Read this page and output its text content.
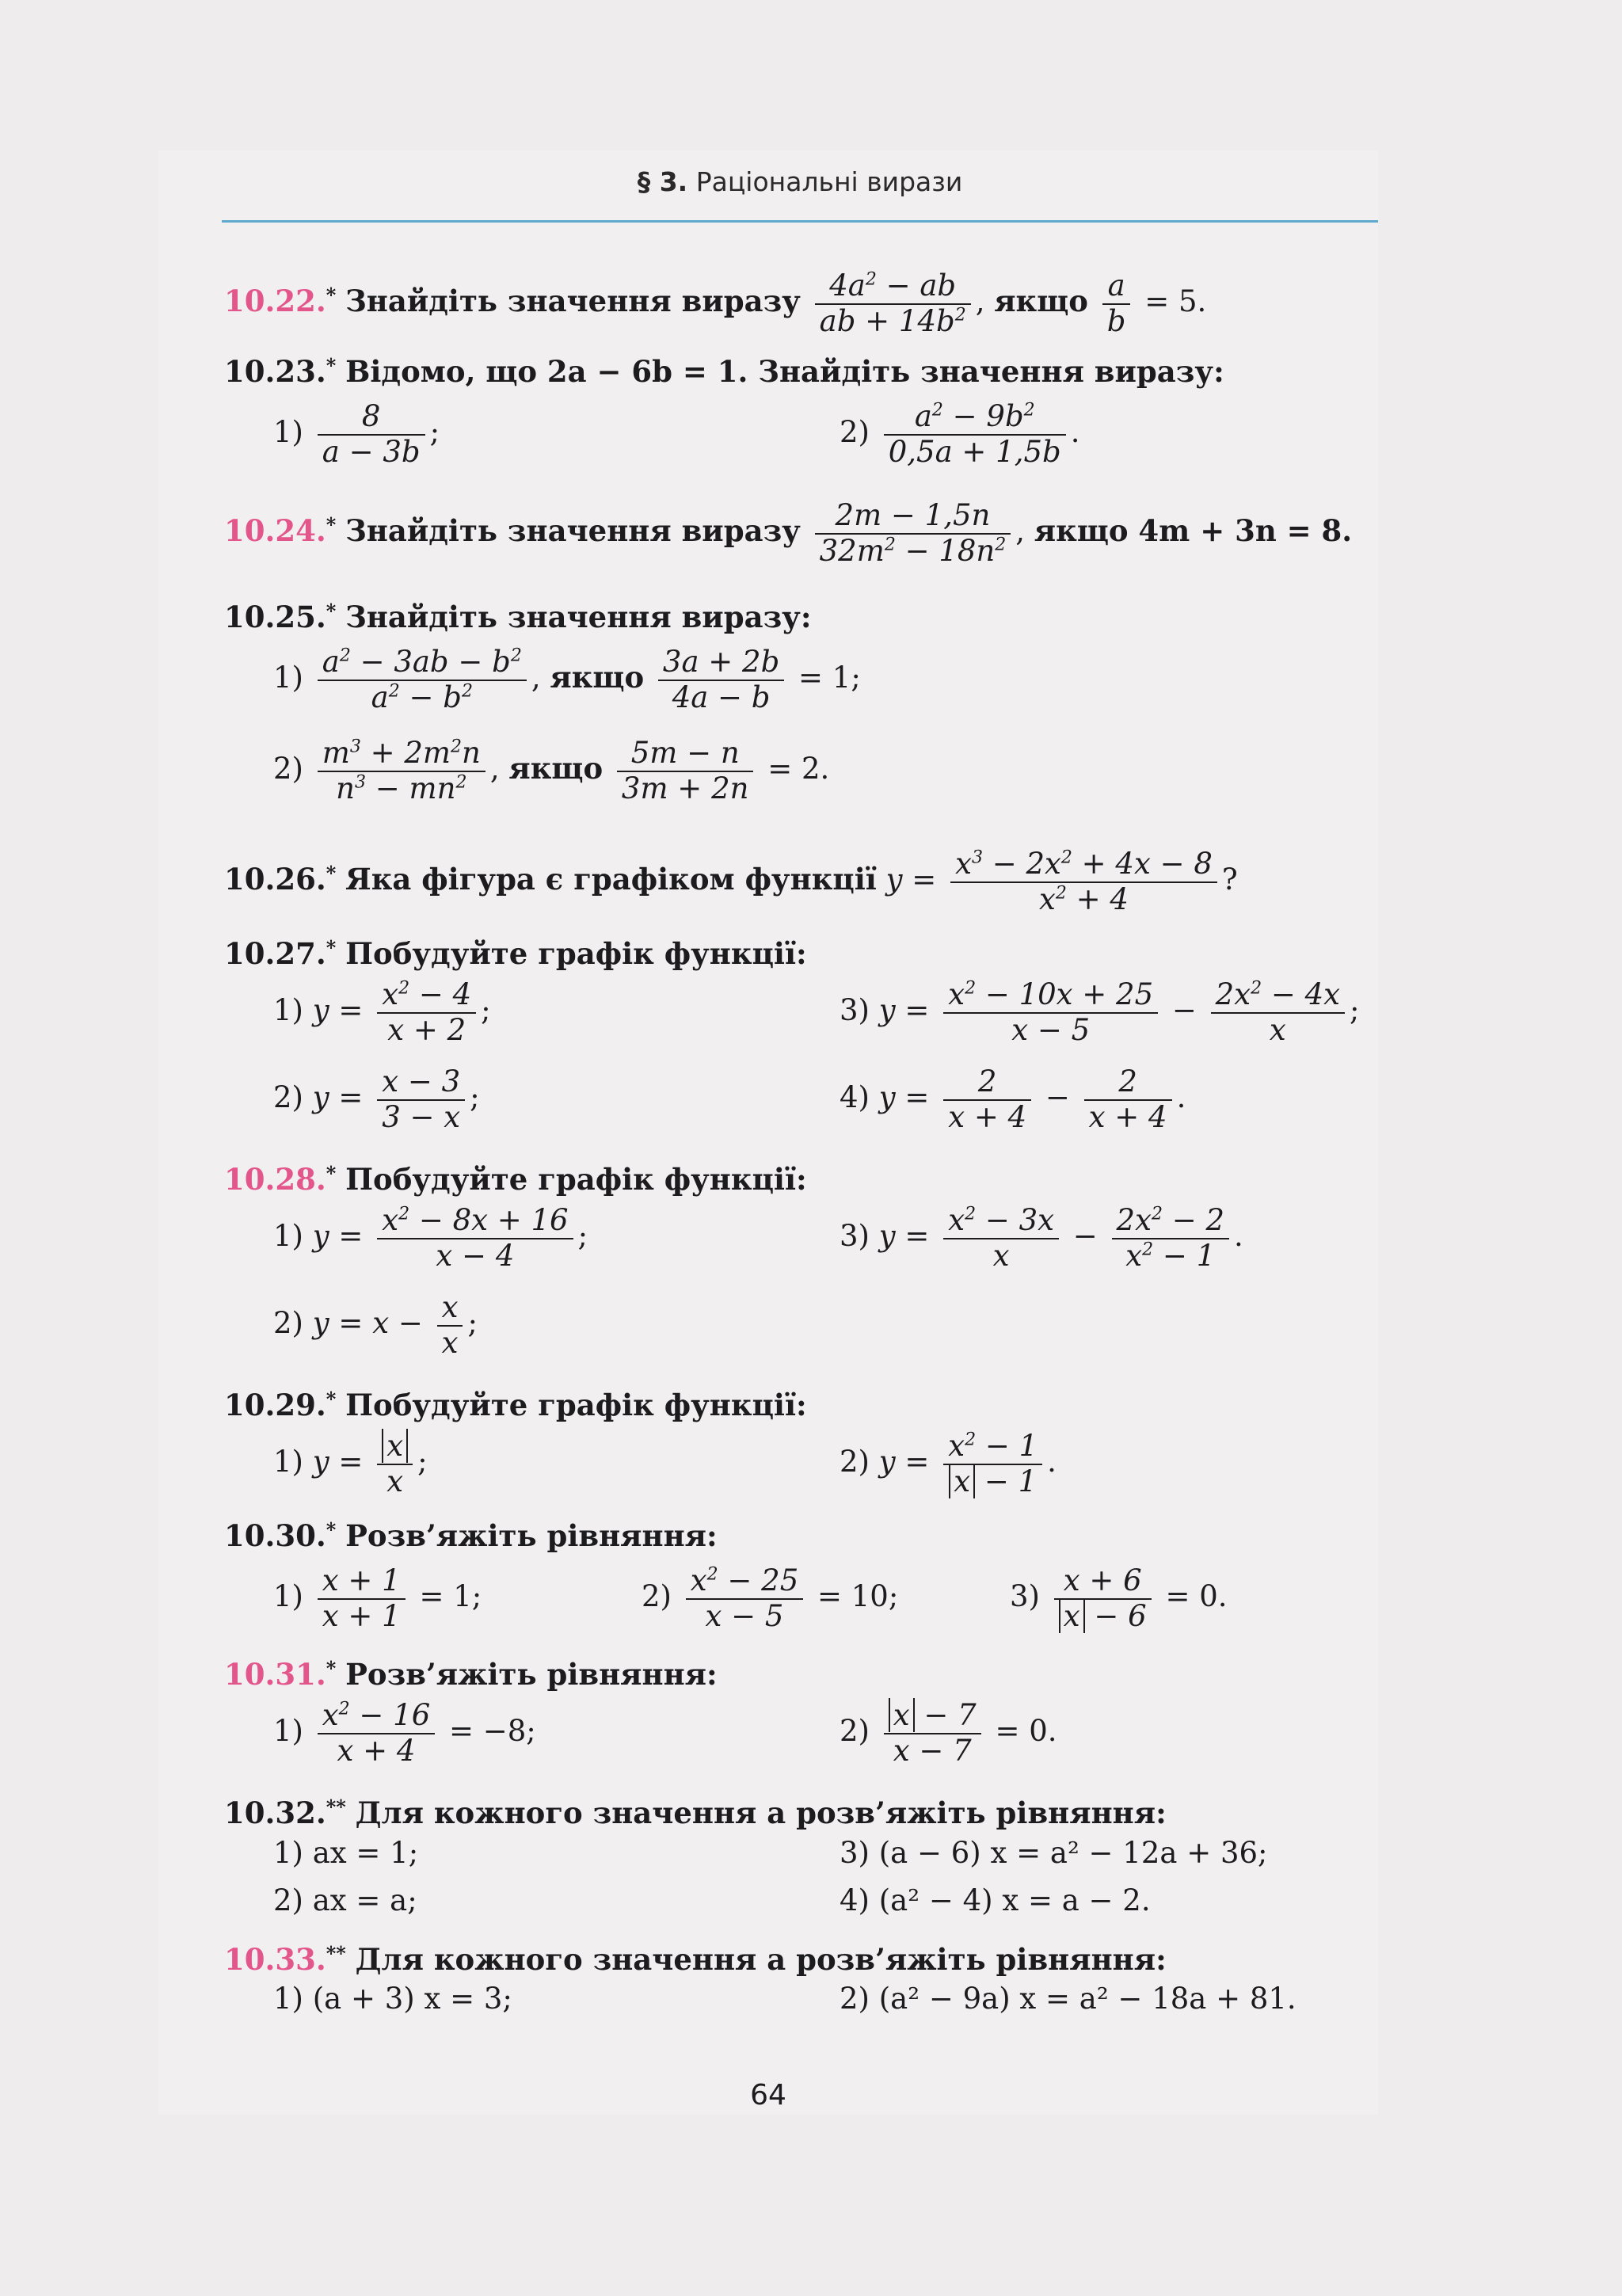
§ 3. Раціональні вирази
10.22.* Знайдіть значення виразу $\frac{4a^2 - ab}{ab + 14b^2}$ , якщо $\frac{a}{b} = 5$.
10.23.* Відомо, що 2a − 6b = 1. Знайдіть значення виразу:
$1) \frac{8}{a - 3b}$ ;	$2) \frac{a^2 - 9b^2}{0,5a + 1,5b}$ .
10.24.* Знайдіть значення виразу $\frac{2m - 1,5n}{32m^2 - 18n^2}$ , якщо 4m + 3n = 8.
10.25.* Знайдіть значення виразу:
$1) \frac{a^2 - 3ab - b^2}{a^2 - b^2}$ , якщо $\frac{3a + 2b}{4a - b} = 1$;
$2) \frac{m^3 + 2m^2n}{n^3 - mn^2}$ , якщо $\frac{5m - n}{3m + 2n} = 2$.
10.26.* Яка фігура є графіком функції $y = \frac{x^3 - 2x^2 + 4x - 8}{x^2 + 4}$ ?
10.27.* Побудуйте графік функції:
1) $y = \frac{x^2 - 4}{x + 2}$ ;	3) $y = \frac{x^2 - 10x + 25}{x - 5} - \frac{2x^2 - 4x}{x}$ ;
2) $y = \frac{x - 3}{3 - x}$ ;	4) $y = \frac{2}{x + 4} - \frac{2}{x + 4}$ .
10.28.* Побудуйте графік функції:
1) $y = \frac{x^2 - 8x + 16}{x - 4}$ ;	3) $y = \frac{x^2 - 3x}{x} - \frac{2x^2 - 2}{x^2 - 1}$ .
2) $y = x - \frac{x}{x}$ ;
10.29.* Побудуйте графік функції:
1) $y = \frac{x}{x}$ ;	2) $y = \frac{x^2 - 1}{x - 1}$ .
10.30.* Розв’яжіть рівняння:
$1) \frac{x + 1}{x + 1} = 1$;	$2) \frac{x^2 - 25}{x - 5} = 10$;	$3) \frac{x + 6}{x - 6} = 0$.
10.31.* Розв’яжіть рівняння:
$1) \frac{x^2 - 16}{x + 4} = -8$;	$2) \frac{x - 7}{x - 7} = 0$.
10.32.** Для кожного значення a розв’яжіть рівняння:
1) ax = 1;	3) (a − 6) x = a² − 12a + 36;
2) ax = a;	4) (a² − 4) x = a − 2.
10.33.** Для кожного значення a розв’яжіть рівняння:
1) (a + 3) x = 3;	2) (a² − 9a) x = a² − 18a + 81.
64
